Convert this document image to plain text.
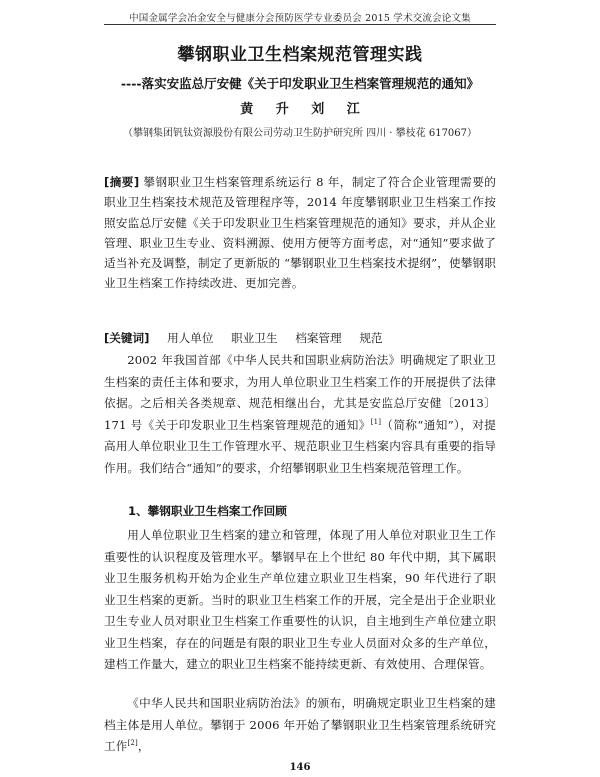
中国金属学会冶金安全与健康分会预防医学专业委员会 2015 学术交流会论文集
攀钢职业卫生档案规范管理实践
----落实安监总厅安健《关于印发职业卫生档案管理规范的通知》
黄 升 刘 江
（攀钢集团钒钛资源股份有限公司劳动卫生防护研究所 四川 · 攀枝花 617067）
[摘要] 攀钢职业卫生档案管理系统运行 8 年，制定了符合企业管理需要的职业卫生档案技术规范及管理程序等，2014 年度攀钢职业卫生档案工作按照安监总厅安健《关于印发职业卫生档案管理规范的通知》要求，并从企业管理、职业卫生专业、资料溯源、使用方便等方面考虑，对“通知”要求做了适当补充及调整，制定了更新版的 “攀钢职业卫生档案技术提纲”，使攀钢职业卫生档案工作持续改进、更加完善。
[关键词] 用人单位 职业卫生 档案管理 规范

2002 年我国首部《中华人民共和国职业病防治法》明确规定了职业卫生档案的责任主体和要求，为用人单位职业卫生档案工作的开展提供了法律依据。之后相关各类规章、规范相继出台，尤其是安监总厅安健〔2013〕171 号《关于印发职业卫生档案管理规范的通知》[1]（简称“通知”），对提高用人单位职业卫生工作管理水平、规范职业卫生档案内容具有重要的指导作用。我们结合“通知”的要求，介绍攀钢职业卫生档案规范管理工作。

1、攀钢职业卫生档案工作回顾

用人单位职业卫生档案的建立和管理，体现了用人单位对职业卫生工作重要性的认识程度及管理水平。攀钢早在上个世纪 80 年代中期，其下属职业卫生服务机构开始为企业生产单位建立职业卫生档案，90 年代进行了职业卫生档案的更新。当时的职业卫生档案工作的开展，完全是出于企业职业卫生专业人员对职业卫生档案工作重要性的认识，自主地到生产单位建立职业卫生档案，存在的问题是有限的职业卫生专业人员面对众多的生产单位，建档工作量大，建立的职业卫生档案不能持续更新、有效使用、合理保管。

《中华人民共和国职业病防治法》的颁布，明确规定职业卫生档案的建档主体是用人单位。攀钢于 2006 年开始了攀钢职业卫生档案管理系统研究工作[2]，

146
